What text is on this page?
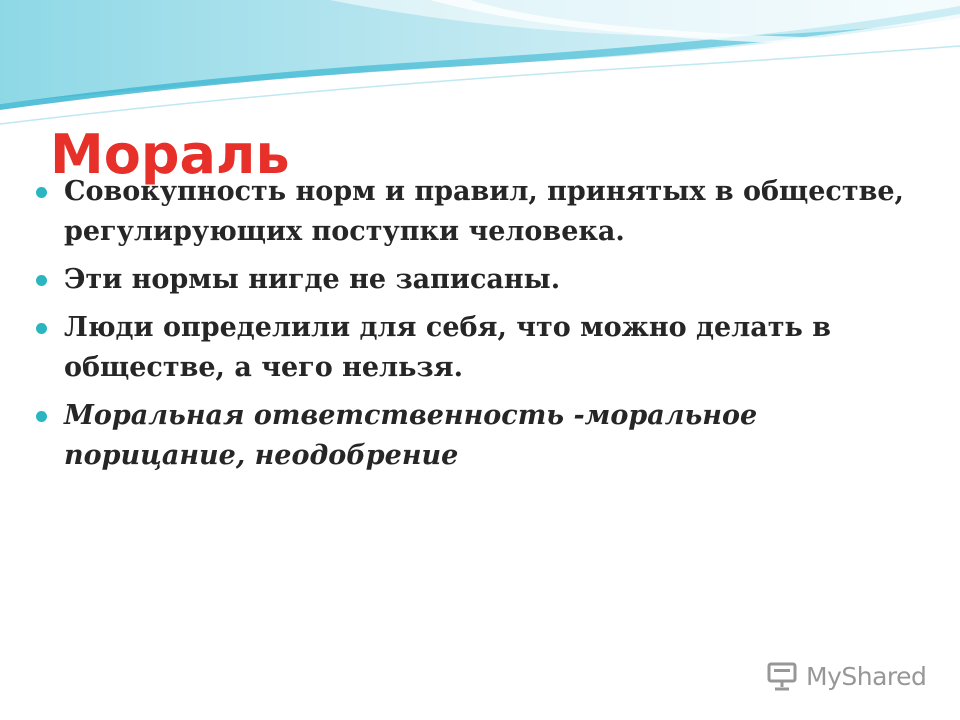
Мораль
Совокупность норм и правил, принятых в обществе, регулирующих поступки человека.
Эти нормы нигде не записаны.
Люди определили для себя, что можно делать в обществе, а чего нельзя.
Моральная ответственность -моральное порицание, неодобрение
MyShared
